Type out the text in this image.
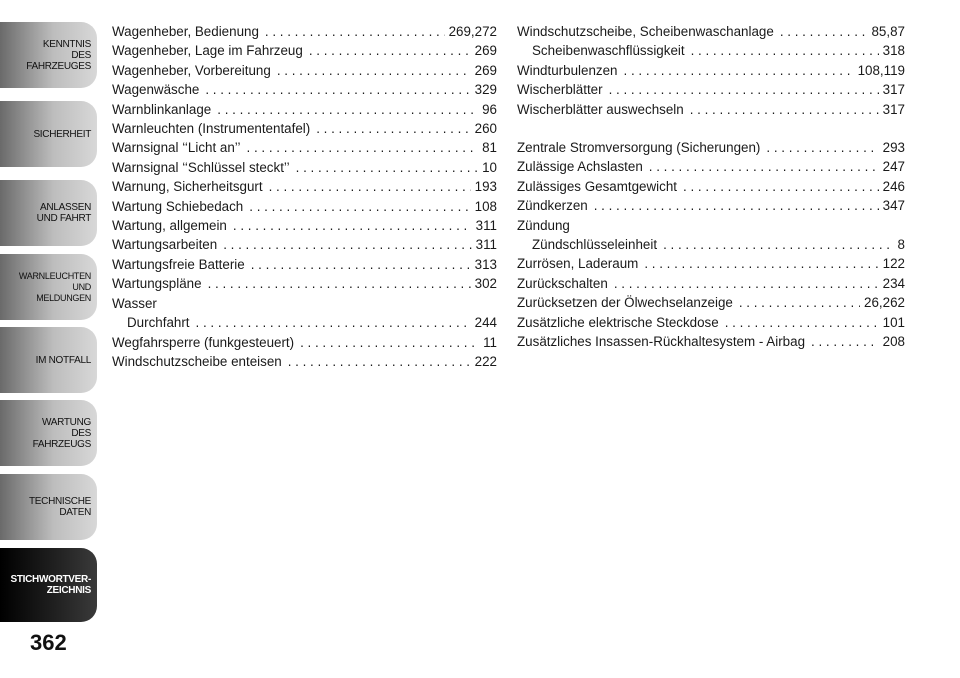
KENNTNIS
DES
FAHRZEUGES
SICHERHEIT
ANLASSEN
UND FAHRT
WARNLEUCHTEN
UND
MELDUNGEN
IM NOTFALL
WARTUNG
DES
FAHRZEUGS
TECHNISCHE
DATEN
STICHWORTVER-
ZEICHNIS
362
Wagenheber, Bedienung . . .	269,272
Wagenheber, Lage im Fahrzeug . . .	269
Wagenheber, Vorbereitung . . .	269
Wagenwäsche . . .	329
Warnblinkanlage . . .	96
Warnleuchten (Instrumententafel) . . .	260
Warnsignal ‘‘Licht an’’ . . .	81
Warnsignal ‘‘Schlüssel steckt’’ . . .	10
Warnung, Sicherheitsgurt . . .	193
Wartung Schiebedach . . .	108
Wartung, allgemein . . .	311
Wartungsarbeiten . . .	311
Wartungsfreie Batterie . . .	313
Wartungspläne . . .	302
Wasser
Durchfahrt . . .	244
Wegfahrsperre (funkgesteuert) . . .	11
Windschutzscheibe enteisen . . .	222
Windschutzscheibe, Scheibenwaschanlage . . .	85,87
Scheibenwaschflüssigkeit . . .	318
Windturbulenzen . . .	108,119
Wischerblätter . . .	317
Wischerblätter auswechseln . . .	317
Zentrale Stromversorgung (Sicherungen) . . .	293
Zulässige Achslasten . . .	247
Zulässiges Gesamtgewicht . . .	246
Zündkerzen . . .	347
Zündung
Zündschlüsseleinheit . . .	8
Zurrösen, Laderaum . . .	122
Zurückschalten . . .	234
Zurücksetzen der Ölwechselanzeige . . .	26,262
Zusätzliche elektrische Steckdose . . .	101
Zusätzliches Insassen-Rückhaltesystem - Airbag . . .	208
